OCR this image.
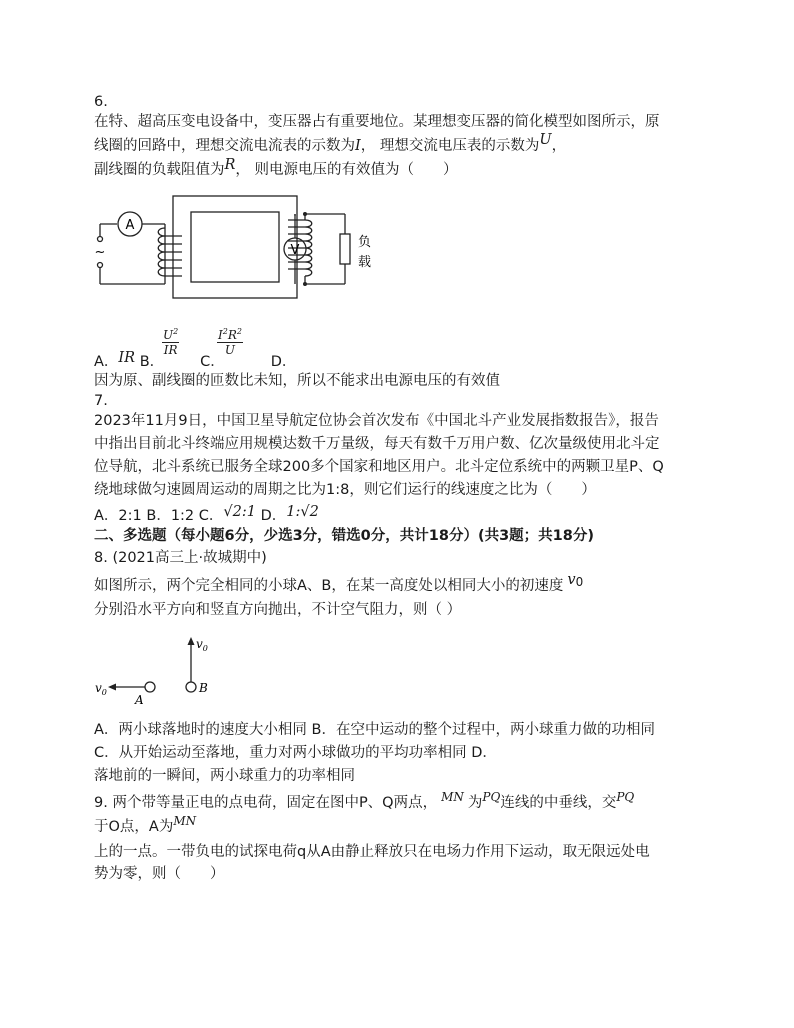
6.
在特、超高压变电设备中，变压器占有重要地位。某理想变压器的简化模型如图所示，原
线圈的回路中，理想交流电流表的示数为I， 理想交流电压表的示数为U，
副线圈的负载阻值为R， 则电源电压的有效值为（　　）
A
V
~
负
载
A．IR B． C．	D．
$\frac{U^2}{IR}$	$\frac{I^2R^2}{U}$
因为原、副线圈的匝数比未知，所以不能求出电源电压的有效值
7.
2023年11月9日，中国卫星导航定位协会首次发布《中国北斗产业发展指数报告》，报告
中指出目前北斗终端应用规模达数千万量级，每天有数千万用户数、亿次量级使用北斗定
位导航，北斗系统已服务全球200多个国家和地区用户。北斗定位系统中的两颗卫星P、Q
绕地球做匀速圆周运动的周期之比为1:8，则它们运行的线速度之比为（　　）
A．2:1 B．1:2 C．√2:1 D．1:√2
二、多选题（每小题6分，少选3分，错选0分，共计18分）(共3题；共18分)
8. (2021高三上·故城期中)
如图所示，两个完全相同的小球A、B，在某一高度处以相同大小的初速度 $v^0$
分别沿水平方向和竖直方向抛出，不计空气阻力，则（ ）
$v_0$
$v_0$
A
B
A．两小球落地时的速度大小相同 B．在空中运动的整个过程中，两小球重力做的功相同
C．从开始运动至落地，重力对两小球做功的平均功率相同 D．
落地前的一瞬间，两小球重力的功率相同
9. 两个带等量正电的点电荷，固定在图中P、Q两点， $^{MN}$ 为$^{PQ}$连线的中垂线，交$^{PQ}$
于O点，A为$^{MN}$
上的一点。一带负电的试探电荷q从A由静止释放只在电场力作用下运动，取无限远处电
势为零，则（　　）
